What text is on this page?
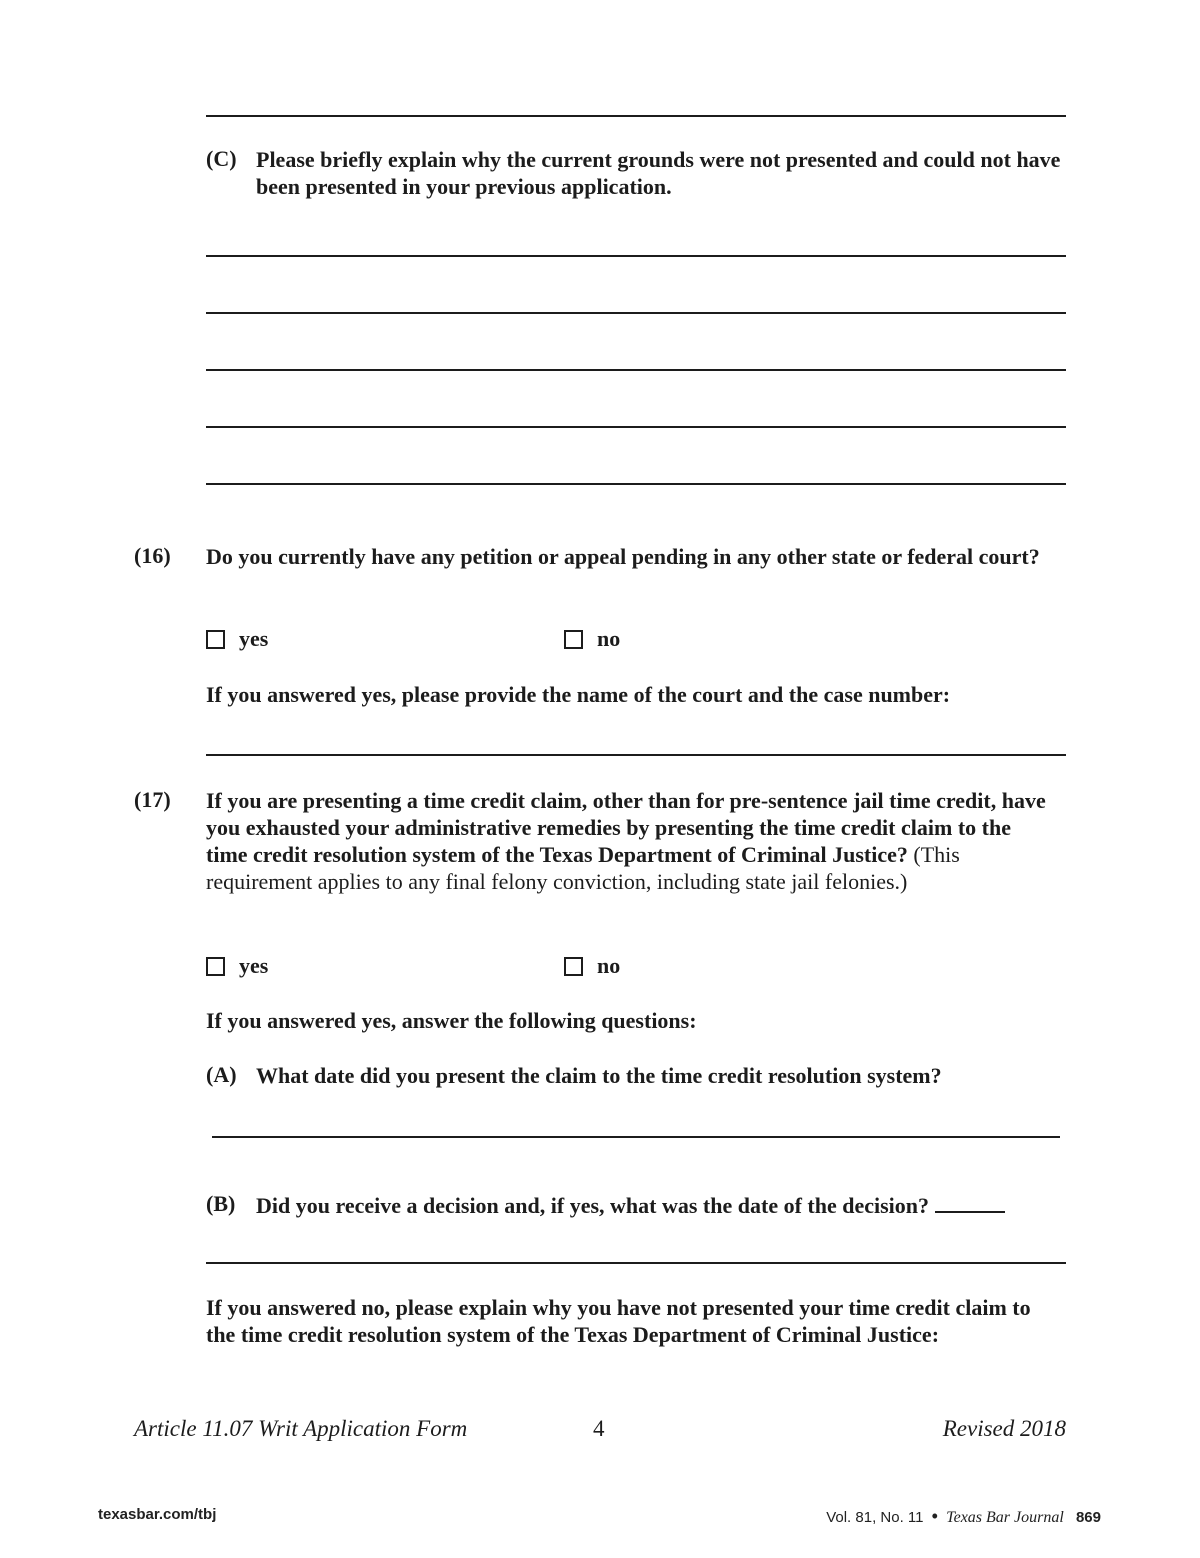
(C) Please briefly explain why the current grounds were not presented and could not have been presented in your previous application.
(16) Do you currently have any petition or appeal pending in any other state or federal court?
yes	no
If you answered yes, please provide the name of the court and the case number:
(17) If you are presenting a time credit claim, other than for pre-sentence jail time credit, have you exhausted your administrative remedies by presenting the time credit claim to the time credit resolution system of the Texas Department of Criminal Justice? (This requirement applies to any final felony conviction, including state jail felonies.)
yes	no
If you answered yes, answer the following questions:
(A) What date did you present the claim to the time credit resolution system?
(B) Did you receive a decision and, if yes, what was the date of the decision?
If you answered no, please explain why you have not presented your time credit claim to the time credit resolution system of the Texas Department of Criminal Justice:
Article 11.07 Writ Application Form	4	Revised 2018
texasbar.com/tbj	Vol. 81, No. 11 • Texas Bar Journal 869
